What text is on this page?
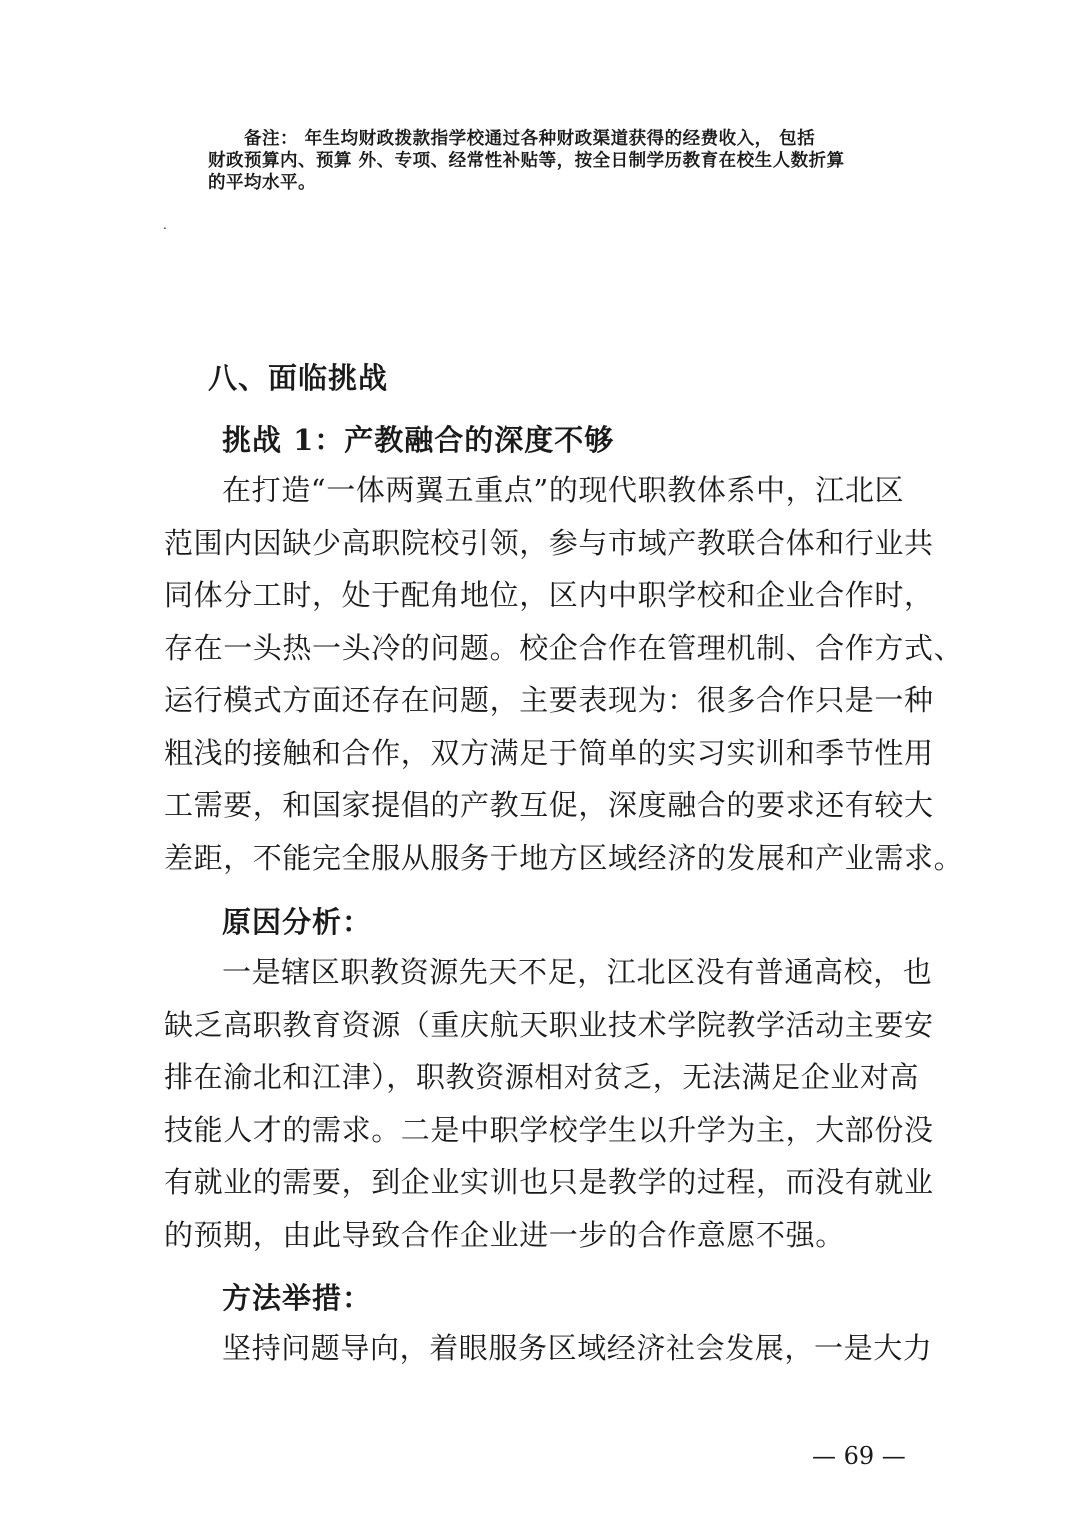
备注： 年生均财政拨款指学校通过各种财政渠道获得的经费收入， 包括
财政预算内、预算 外、专项、经常性补贴等，按全日制学历教育在校生人数折算
的平均水平。
.
八、面临挑战
挑战 1：产教融合的深度不够
在打造“一体两翼五重点”的现代职教体系中，江北区
范围内因缺少高职院校引领，参与市域产教联合体和行业共
同体分工时，处于配角地位，区内中职学校和企业合作时，
存在一头热一头冷的问题。校企合作在管理机制、合作方式、
运行模式方面还存在问题，主要表现为：很多合作只是一种
粗浅的接触和合作，双方满足于简单的实习实训和季节性用
工需要，和国家提倡的产教互促，深度融合的要求还有较大
差距，不能完全服从服务于地方区域经济的发展和产业需求。
原因分析：
一是辖区职教资源先天不足，江北区没有普通高校，也
缺乏高职教育资源（重庆航天职业技术学院教学活动主要安
排在渝北和江津），职教资源相对贫乏，无法满足企业对高
技能人才的需求。二是中职学校学生以升学为主，大部份没
有就业的需要，到企业实训也只是教学的过程，而没有就业
的预期，由此导致合作企业进一步的合作意愿不强。
方法举措：
坚持问题导向，着眼服务区域经济社会发展，一是大力
— 69 —
